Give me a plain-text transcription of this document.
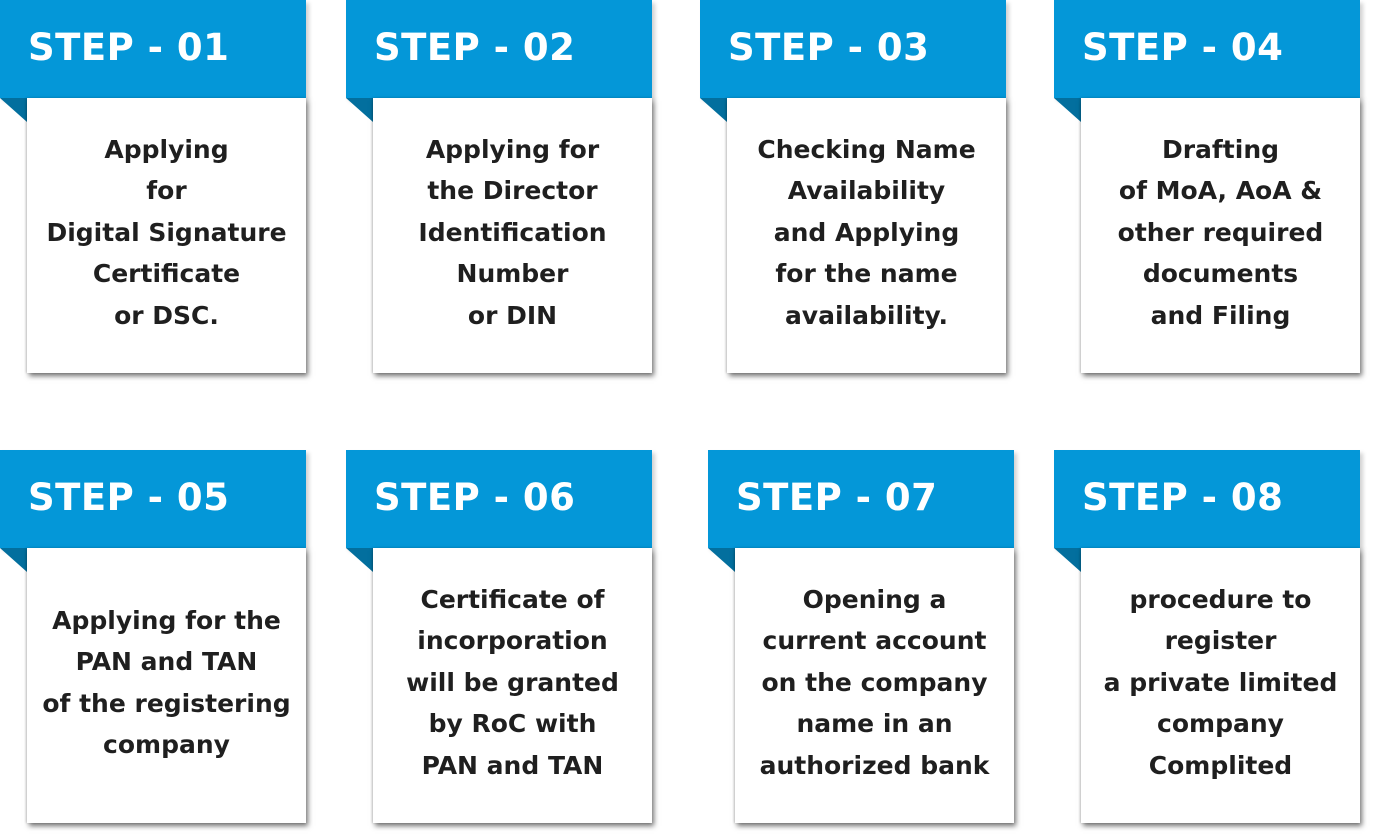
STEP - 01
Applying
for
Digital Signature
Certificate
or DSC.
STEP - 02
Applying for
the Director
Identification
Number
or DIN
STEP - 03
Checking Name
Availability
and Applying
for the name
availability.
STEP - 04
Drafting
of MoA, AoA &
other required
documents
and Filing
STEP - 05
Applying for the
PAN and TAN
of the registering
company
STEP - 06
Certificate of
incorporation
will be granted
by RoC with
PAN and TAN
STEP - 07
Opening a
current account
on the company
name in an
authorized bank
STEP - 08
procedure to
register
a private limited
company
Complited
